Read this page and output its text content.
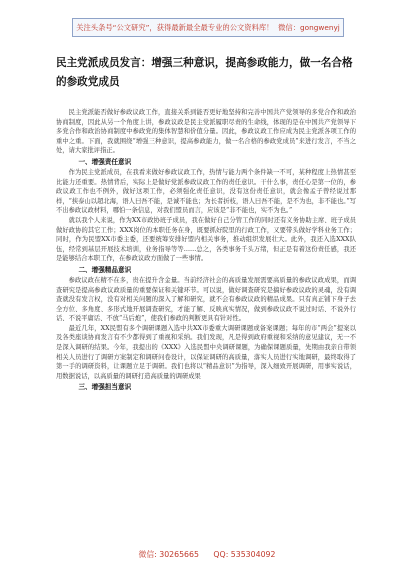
关注头条号“公文研究”，获得最新最全最专业的公文资料库！ 微信：gongwenyj
民主党派成员发言：增强三种意识，提高参政能力，做一名合格的参政党成员

民主党派能否做好参政议政工作，直接关系到能否更好地坚持和完善中国共产党领导的多党合作和政治协商制度，因此从另一个角度上讲，参政议政是民主党派履职尽责的生命线，体现的是在中国共产党领导下多党合作和政治协商制度中参政党的集体智慧和价值分量。因此，参政议政工作应成为民主党派各项工作的重中之重。下面，我就围绕“增强三种意识，提高参政能力，做一名合格的参政党成员”来进行发言，不当之处，请大家批评指正。

一、增强责任意识

作为民主党派成员，在我看来做好参政议政工作，热情与能力两个条件缺一不可，某种程度上热情甚至比能力还重要。热情背后，实际上是做好党派参政议政工作的责任意识。干什么事，责任心是第一位的，参政议政工作也不例外，做好这项工作，必须强化责任意识，没有这份责任意识，就会像孟子曾经说过那样，“挟泰山以超北海，语人曰吾不能，是诚不能也；为长者折枝，语人曰吾不能，是不为也，非不能也。”写不出参政议政材料，哪怕一条信息，对我们盟员而言，应该是“非不能也，实不为也。”

就以我个人来说，作为XX市政协班子成员，我在做好自己分管工作的同时还有义务协助主席、班子成员做好政协的其它工作；XXX岗位的本职任务在身，既要抓好院里的行政工作，又要带头做好学科业务工作；同时，作为民盟XX市委主委，还要统筹安排好盟内相关事务，推动组织发展壮大。此外，我还入选XXX队伍，经常到基层开展技术培训，业务指导等等……总之，各类事务千头万绪，但正是有着这份责任感，我还是能够结合本职工作，在参政议政方面做了一些事情。

二、增强精品意识

参政议政在精不在多，贵在提升含金量。当前经济社会的高质量发展需要高质量的参政议政成果，而调查研究是提高参政议政质量的重要保证和关键环节。可以说，做好调查研究是搞好参政议政的灵魂，没有调查就没有发言权，没有对相关问题的深入了解和研究，就不会有参政议政的精品成果。只有真正铺下身子去全方位、多角度、多形式地开展调查研究，才能了解、反映真实情况，做到参政议政不说过时话、不说外行话、不说平庸话、不放“马后炮”，使我们参政的判断更具有针对性。

最近几年，XX民盟有多个调研课题入选中共XX市委重大调研课题或备案课题；每年的市“两会”提案以及各类座谈协商发言有不少都得到了重视和采纳。我们发现，凡是得到政府重视和采纳的意见建议，无一不是深入调研的结果。今年，我提出的《XXX》入选民盟中央调研课题，为确保课题质量，先期由我亲自带领相关人员进行了调研方案制定和调研问卷设计，以保证调研的高质量，落实人员进行实地调研，最终取得了第一手的调研资料，让课题立足于调研。我们也将以“精品意识”为指导，深入细致开展调研，用事实说话，用数据说话，以高质量的调研打造高质量的调研成果

三、增强担当意识
微信: 30265665 QQ: 535304092
